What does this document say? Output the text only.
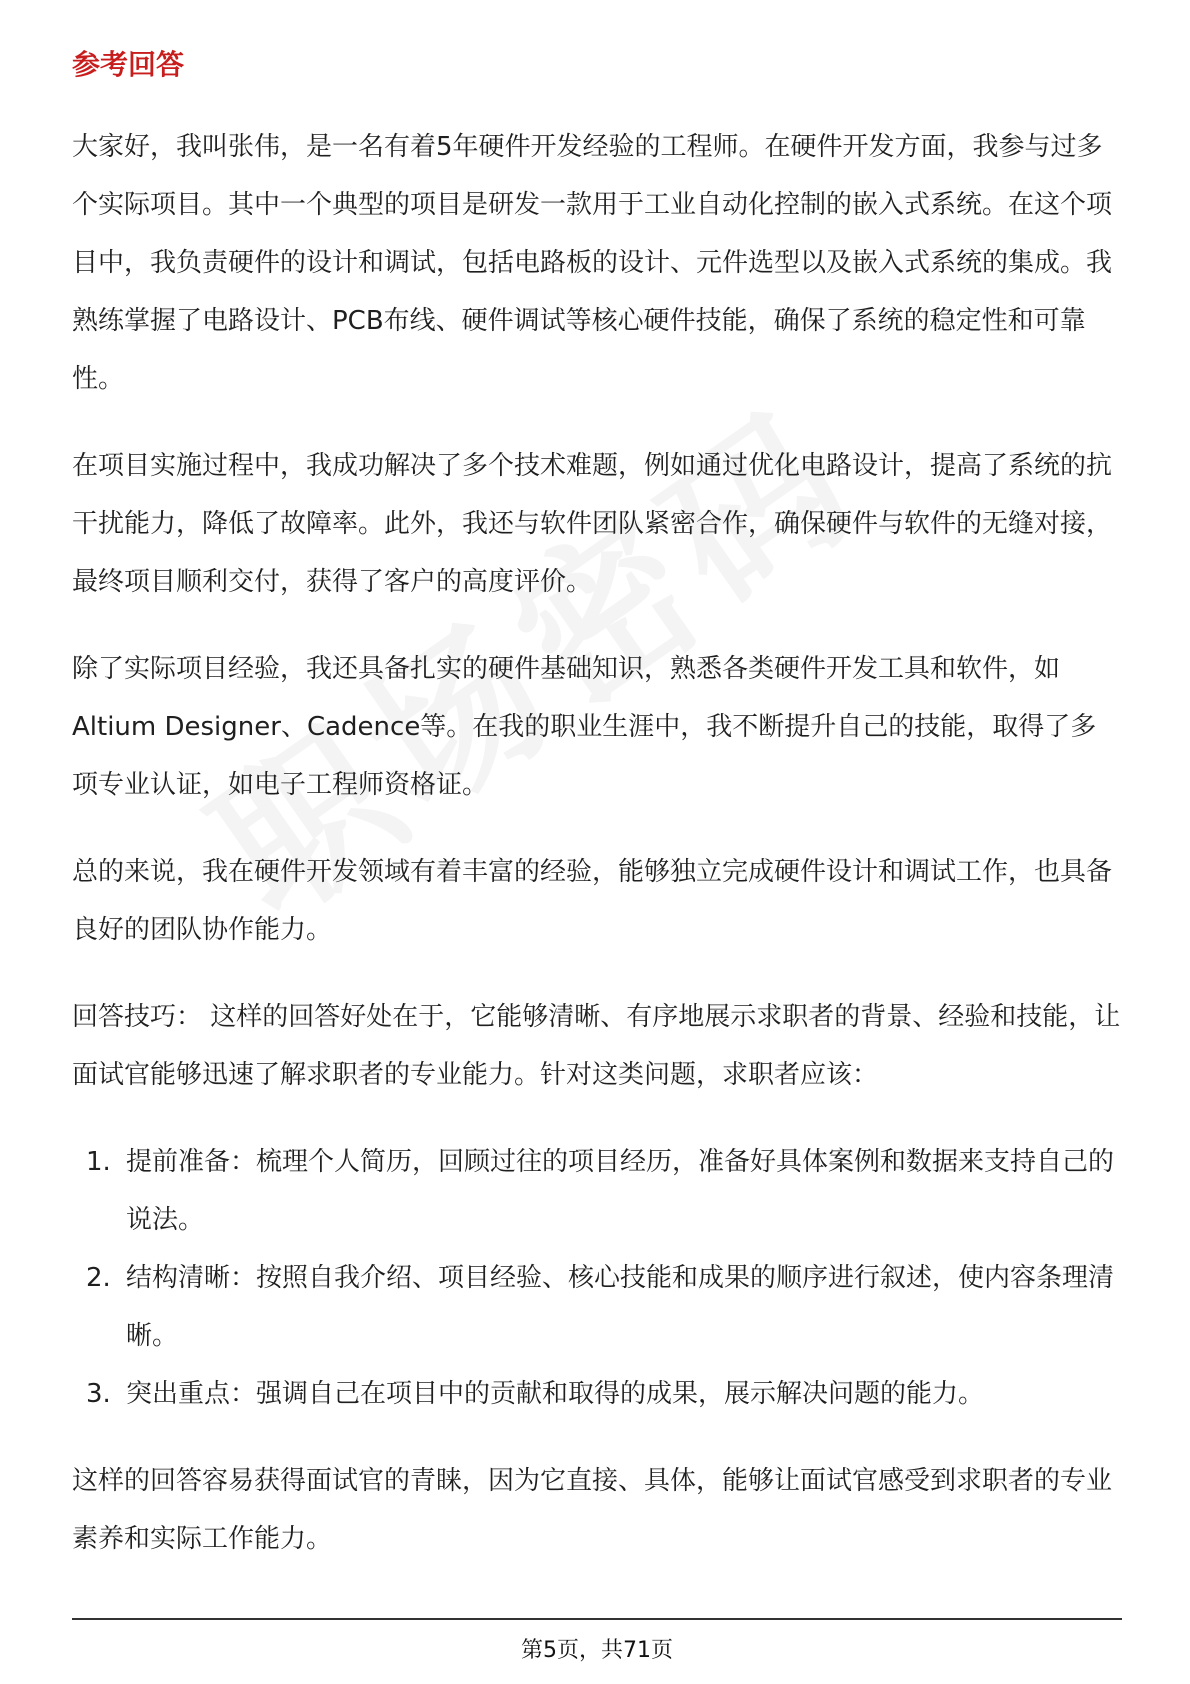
参考回答

大家好，我叫张伟，是一名有着5年硬件开发经验的工程师。在硬件开发方面，我参与过多个实际项目。其中一个典型的项目是研发一款用于工业自动化控制的嵌入式系统。在这个项目中，我负责硬件的设计和调试，包括电路板的设计、元件选型以及嵌入式系统的集成。我熟练掌握了电路设计、PCB布线、硬件调试等核心硬件技能，确保了系统的稳定性和可靠性。

在项目实施过程中，我成功解决了多个技术难题，例如通过优化电路设计，提高了系统的抗干扰能力，降低了故障率。此外，我还与软件团队紧密合作，确保硬件与软件的无缝对接，最终项目顺利交付，获得了客户的高度评价。

除了实际项目经验，我还具备扎实的硬件基础知识，熟悉各类硬件开发工具和软件，如Altium Designer、Cadence等。在我的职业生涯中，我不断提升自己的技能，取得了多项专业认证，如电子工程师资格证。

总的来说，我在硬件开发领域有着丰富的经验，能够独立完成硬件设计和调试工作，也具备良好的团队协作能力。

回答技巧： 这样的回答好处在于，它能够清晰、有序地展示求职者的背景、经验和技能，让面试官能够迅速了解求职者的专业能力。针对这类问题，求职者应该：

1. 提前准备：梳理个人简历，回顾过往的项目经历，准备好具体案例和数据来支持自己的说法。
2. 结构清晰：按照自我介绍、项目经验、核心技能和成果的顺序进行叙述，使内容条理清晰。
3. 突出重点：强调自己在项目中的贡献和取得的成果，展示解决问题的能力。

这样的回答容易获得面试官的青睐，因为它直接、具体，能够让面试官感受到求职者的专业素养和实际工作能力。

第5页，共71页
